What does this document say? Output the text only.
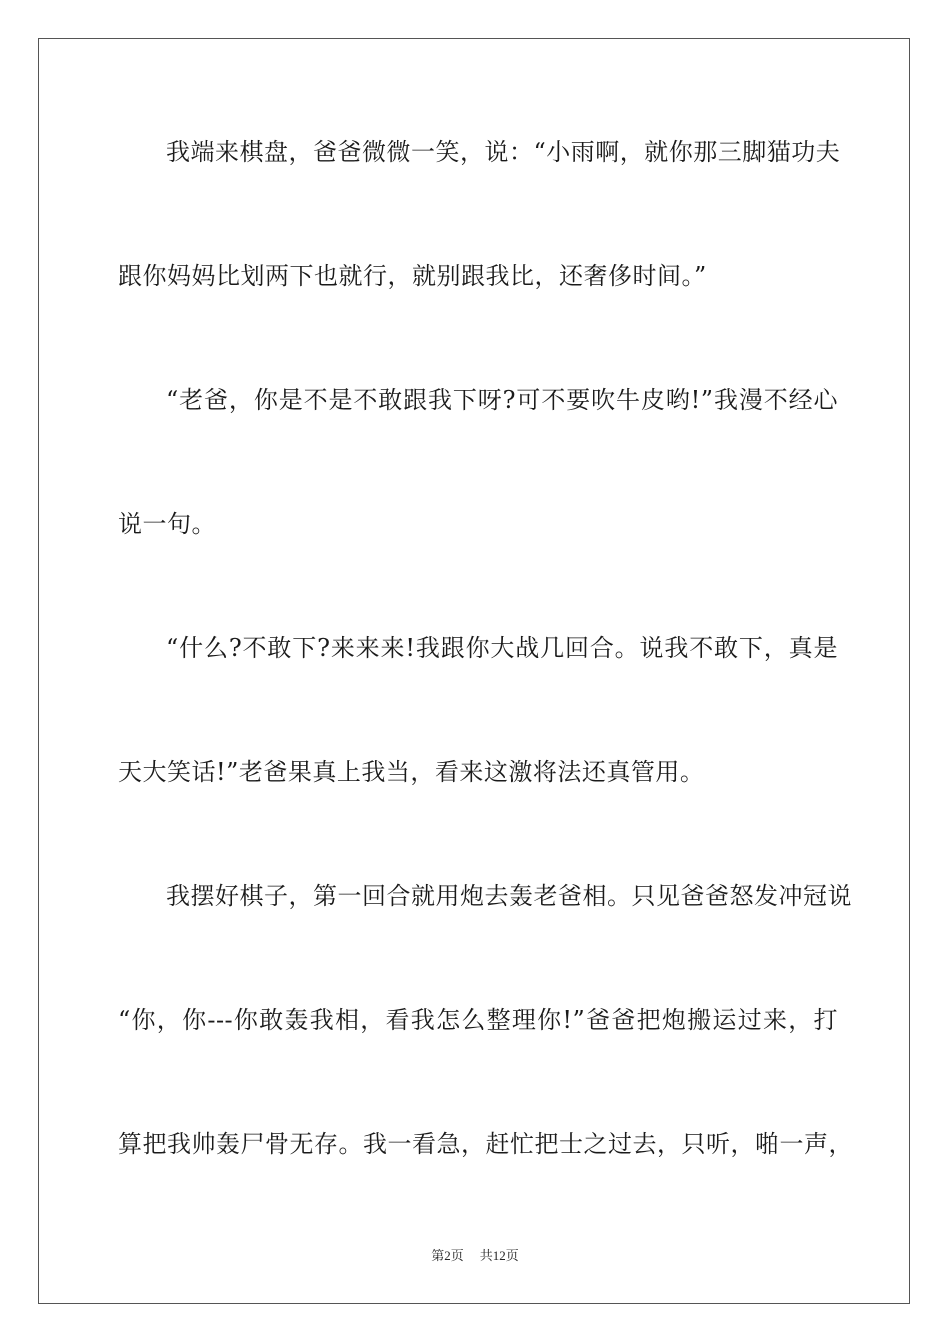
我端来棋盘，爸爸微微一笑，说：“小雨啊，就你那三脚猫功夫
跟你妈妈比划两下也就行，就别跟我比，还奢侈时间。”
“老爸，你是不是不敢跟我下呀?可不要吹牛皮哟!”我漫不经心
说一句。
“什么?不敢下?来来来!我跟你大战几回合。说我不敢下，真是
天大笑话!”老爸果真上我当，看来这激将法还真管用。
我摆好棋子，第一回合就用炮去轰老爸相。只见爸爸怒发冲冠说
“你，你---你敢轰我相，看我怎么整理你!”爸爸把炮搬运过来，打
算把我帅轰尸骨无存。我一看急，赶忙把士之过去，只听，啪一声，
第2页 共12页
